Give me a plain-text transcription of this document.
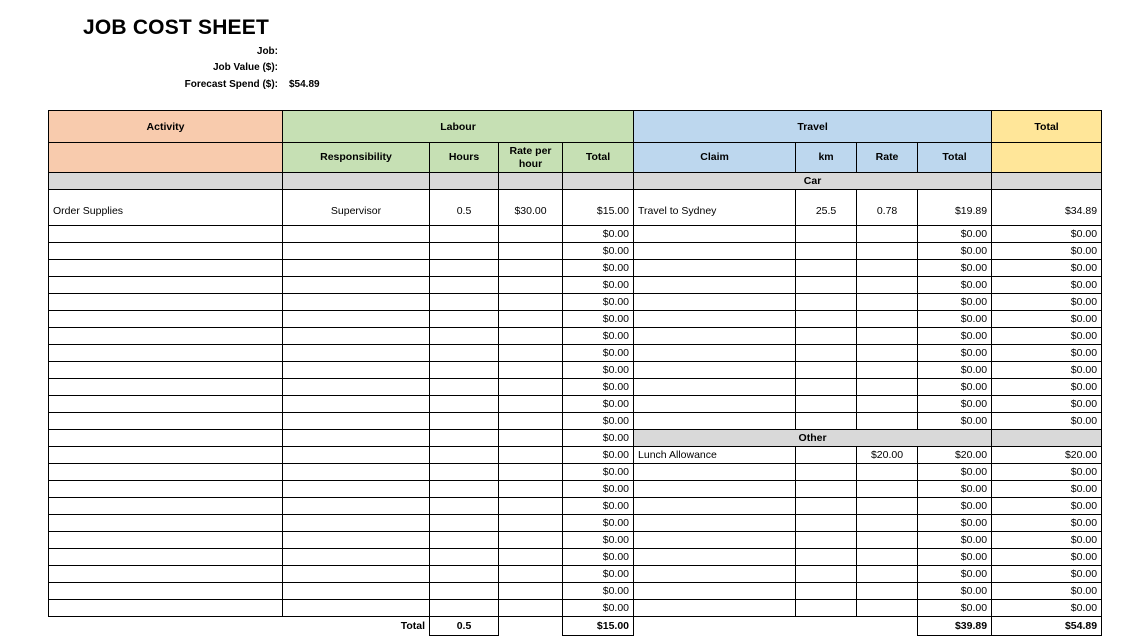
JOB COST SHEET
Job:
Job Value ($):
Forecast Spend ($): $54.89
Activity	Labour				Travel				Total
	Responsibility	Hours	Rate per hour	Total	Claim	km	Rate	Total	
					Car				
Order Supplies	Supervisor	0.5	$30.00	$15.00	Travel to Sydney	25.5	0.78	$19.89	$34.89
				$0.00				$0.00	$0.00
				$0.00				$0.00	$0.00
				$0.00				$0.00	$0.00
				$0.00				$0.00	$0.00
				$0.00				$0.00	$0.00
				$0.00				$0.00	$0.00
				$0.00				$0.00	$0.00
				$0.00				$0.00	$0.00
				$0.00				$0.00	$0.00
				$0.00				$0.00	$0.00
				$0.00				$0.00	$0.00
				$0.00				$0.00	$0.00
				$0.00	Other				
				$0.00	Lunch Allowance		$20.00	$20.00	$20.00
				$0.00				$0.00	$0.00
				$0.00				$0.00	$0.00
				$0.00				$0.00	$0.00
				$0.00				$0.00	$0.00
				$0.00				$0.00	$0.00
				$0.00				$0.00	$0.00
				$0.00				$0.00	$0.00
				$0.00				$0.00	$0.00
				$0.00				$0.00	$0.00
	Total	0.5		$15.00				$39.89	$54.89
